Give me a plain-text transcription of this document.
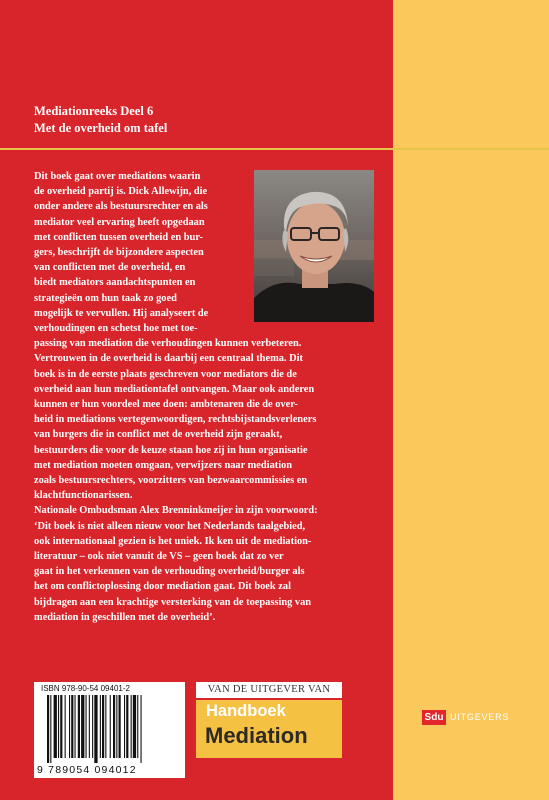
Mediationreeks Deel 6
Met de overheid om tafel
Dit boek gaat over mediations waarin
de overheid partij is. Dick Allewijn, die
onder andere als bestuursrechter en als
mediator veel ervaring heeft opgedaan
met conflicten tussen overheid en bur-
gers, beschrijft de bijzondere aspecten
van conflicten met de overheid, en
biedt mediators aandachtspunten en
strategieën om hun taak zo goed
mogelijk te vervullen. Hij analyseert de
verhoudingen en schetst hoe met toe-
passing van mediation die verhoudingen kunnen verbeteren.
Vertrouwen in de overheid is daarbij een centraal thema. Dit
boek is in de eerste plaats geschreven voor mediators die de
overheid aan hun mediationtafel ontvangen. Maar ook anderen
kunnen er hun voordeel mee doen: ambtenaren die de over-
heid in mediations vertegenwoordigen, rechtsbijstandsverleners
van burgers die in conflict met de overheid zijn geraakt,
bestuurders die voor de keuze staan hoe zij in hun organisatie
met mediation moeten omgaan, verwijzers naar mediation
zoals bestuursrechters, voorzitters van bezwaarcommissies en
klachtfunctionarissen.
Nationale Ombudsman Alex Brenninkmeijer in zijn voorwoord:
‘Dit boek is niet alleen nieuw voor het Nederlands taalgebied,
ook internationaal gezien is het uniek. Ik ken uit de mediation-
literatuur – ook niet vanuit de VS – geen boek dat zo ver
gaat in het verkennen van de verhouding overheid/burger als
het om conflictoplossing door mediation gaat. Dit boek zal
bijdragen aan een krachtige versterking van de toepassing van
mediation in geschillen met de overheid’.
ISBN 978-90-54 09401-2
9 789054 094012
VAN DE UITGEVER VAN
Handboek
Mediation
Sdu UITGEVERS
